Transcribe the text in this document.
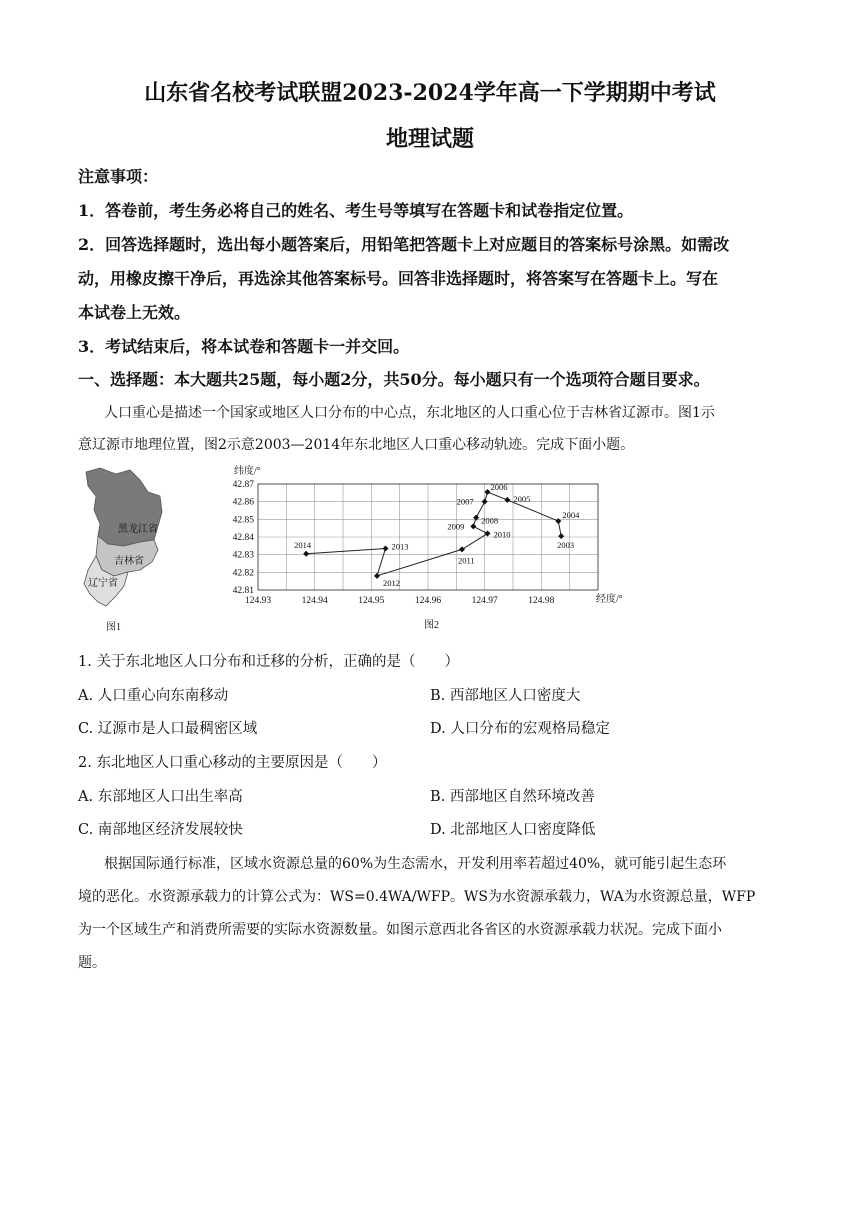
山东省名校考试联盟2023-2024学年高一下学期期中考试
地理试题
注意事项：
1．答卷前，考生务必将自己的姓名、考生号等填写在答题卡和试卷指定位置。
2．回答选择题时，选出每小题答案后，用铅笔把答题卡上对应题目的答案标号涂黑。如需改
动，用橡皮擦干净后，再选涂其他答案标号。回答非选择题时，将答案写在答题卡上。写在
本试卷上无效。
3．考试结束后，将本试卷和答题卡一并交回。
一、选择题：本大题共25题，每小题2分，共50分。每小题只有一个选项符合题目要求。
人口重心是描述一个国家或地区人口分布的中心点，东北地区的人口重心位于吉林省辽源市。图1示
意辽源市地理位置，图2示意2003—2014年东北地区人口重心移动轨迹。完成下面小题。
黑龙江省
吉林省
辽宁省
图1
纬度/°
经度/°
图2
124.93	124.94	124.95	124.96	124.97	124.98
42.87
42.86
42.85
42.84
42.83
42.82
42.81
2003
2004
2005
2006
2007
2008
2009
2010
2011
2012
2013
2014
1. 关于东北地区人口分布和迁移的分析，正确的是（　　）
A. 人口重心向东南移动	B. 西部地区人口密度大
C. 辽源市是人口最稠密区域	D. 人口分布的宏观格局稳定
2. 东北地区人口重心移动的主要原因是（　　）
A. 东部地区人口出生率高	B. 西部地区自然环境改善
C. 南部地区经济发展较快	D. 北部地区人口密度降低
根据国际通行标准，区域水资源总量的60%为生态需水，开发利用率若超过40%，就可能引起生态环
境的恶化。水资源承载力的计算公式为：WS=0.4WA/WFP。WS为水资源承载力，WA为水资源总量，WFP
为一个区域生产和消费所需要的实际水资源数量。如图示意西北各省区的水资源承载力状况。完成下面小
题。
